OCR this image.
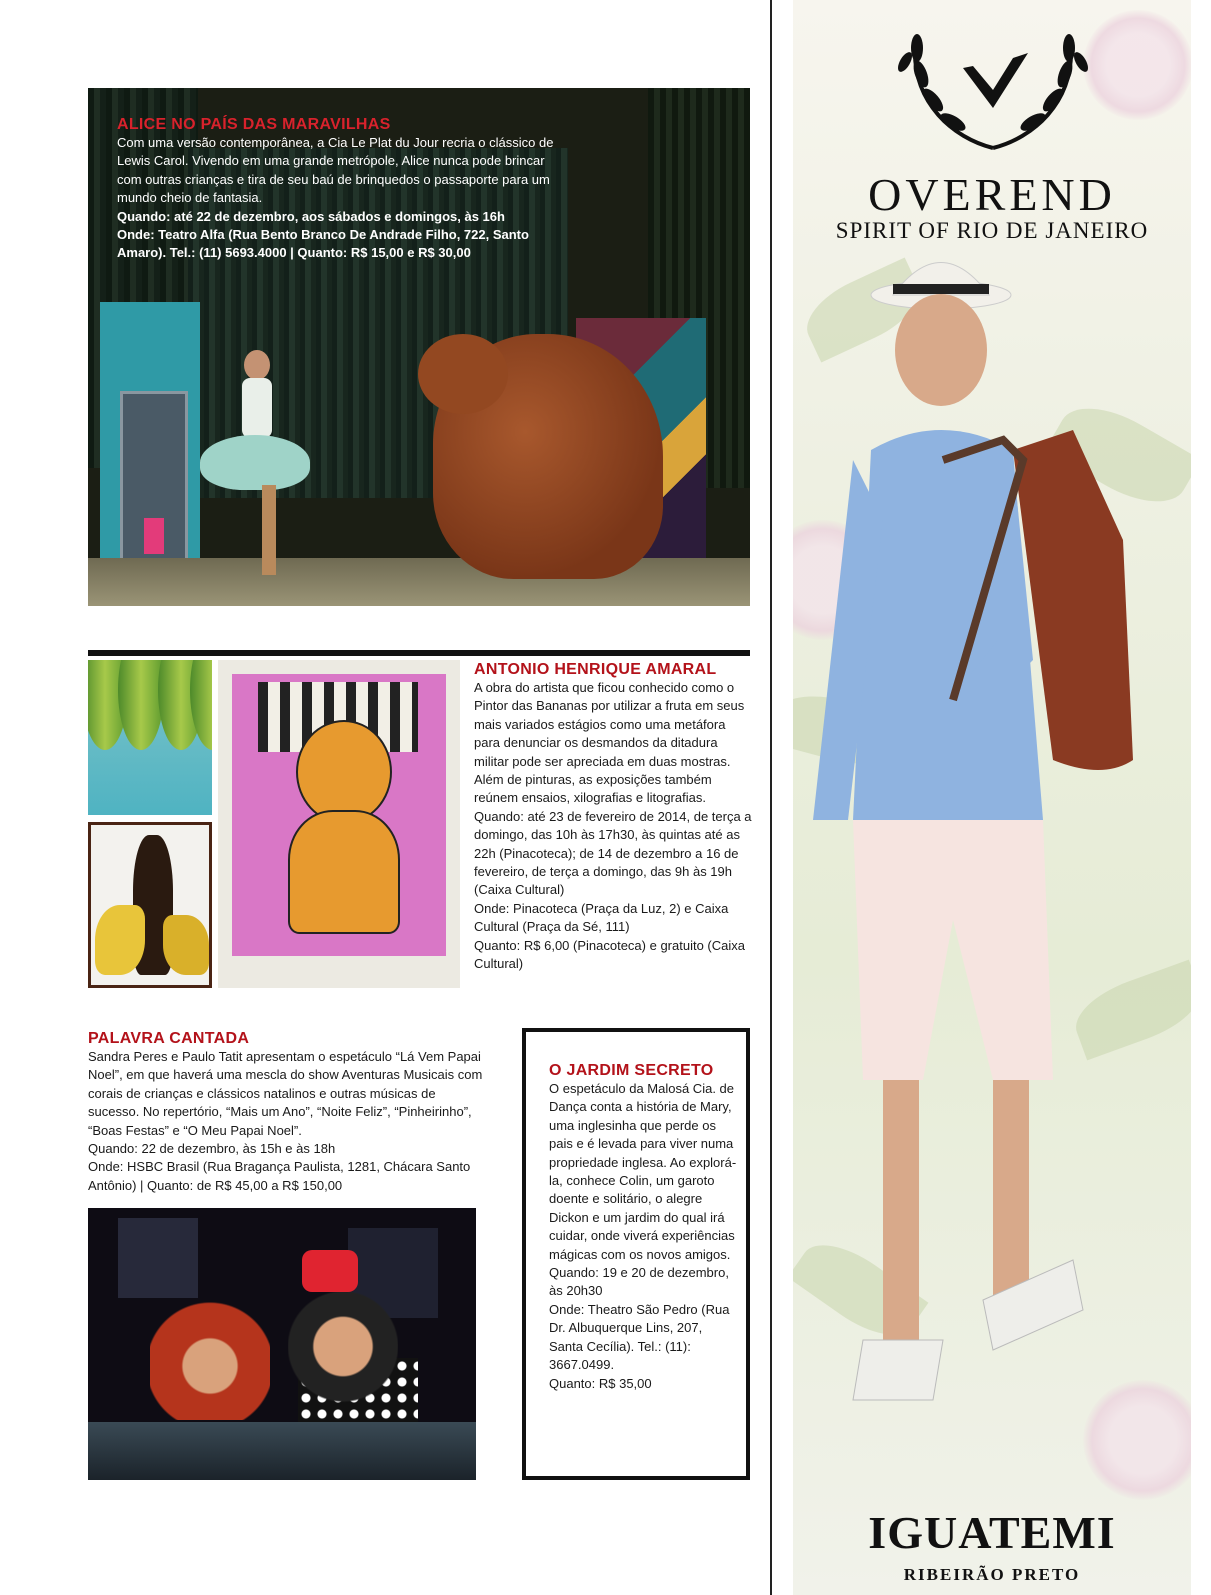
ALICE NO PAÍS DAS MARAVILHAS

Com uma versão contemporânea, a Cia Le Plat du Jour recria o clássico de Lewis Carol. Vivendo em uma grande metrópole, Alice nunca pode brincar com outras crianças e tira de seu baú de brinquedos o passaporte para um mundo cheio de fantasia.

Quando: até 22 de dezembro, aos sábados e domingos, às 16h

Onde: Teatro Alfa (Rua Bento Branco De Andrade Filho, 722, Santo Amaro). Tel.: (11) 5693.4000 | Quanto: R$ 15,00 e R$ 30,00

ANTONIO HENRIQUE AMARAL

A obra do artista que ficou conhecido como o Pintor das Bananas por utilizar a fruta em seus mais variados estágios como uma metáfora para denunciar os desmandos da ditadura militar pode ser apreciada em duas mostras. Além de pinturas, as exposições também reúnem ensaios, xilografias e litografias.

Quando: até 23 de fevereiro de 2014, de terça a domingo, das 10h às 17h30, às quintas até as 22h (Pinacoteca); de 14 de dezembro a 16 de fevereiro, de terça a domingo, das 9h às 19h (Caixa Cultural)

Onde: Pinacoteca (Praça da Luz, 2) e Caixa Cultural (Praça da Sé, 111)

Quanto: R$ 6,00 (Pinacoteca) e gratuito (Caixa Cultural)

PALAVRA CANTADA

Sandra Peres e Paulo Tatit apresentam o espetáculo “Lá Vem Papai Noel”, em que haverá uma mescla do show Aventuras Musicais com corais de crianças e clássicos natalinos e outras músicas de sucesso. No repertório, “Mais um Ano”, “Noite Feliz”, “Pinheirinho”, “Boas Festas” e “O Meu Papai Noel”.

Quando: 22 de dezembro, às 15h e às 18h

Onde: HSBC Brasil (Rua Bragança Paulista, 1281, Chácara Santo Antônio) | Quanto: de R$ 45,00 a R$ 150,00

O JARDIM SECRETO

O espetáculo da Malosá Cia. de Dança conta a história de Mary, uma inglesinha que perde os pais e é levada para viver numa propriedade inglesa. Ao explorá-la, conhece Colin, um garoto doente e solitário, o alegre Dickon e um jardim do qual irá cuidar, onde viverá experiências mágicas com os novos amigos.

Quando: 19 e 20 de dezembro, às 20h30

Onde: Theatro São Pedro (Rua Dr. Albuquerque Lins, 207, Santa Cecília). Tel.: (11): 3667.0499.

Quanto: R$ 35,00

OVEREND
SPIRIT OF RIO DE JANEIRO
IGUATEMI
RIBEIRÃO PRETO
